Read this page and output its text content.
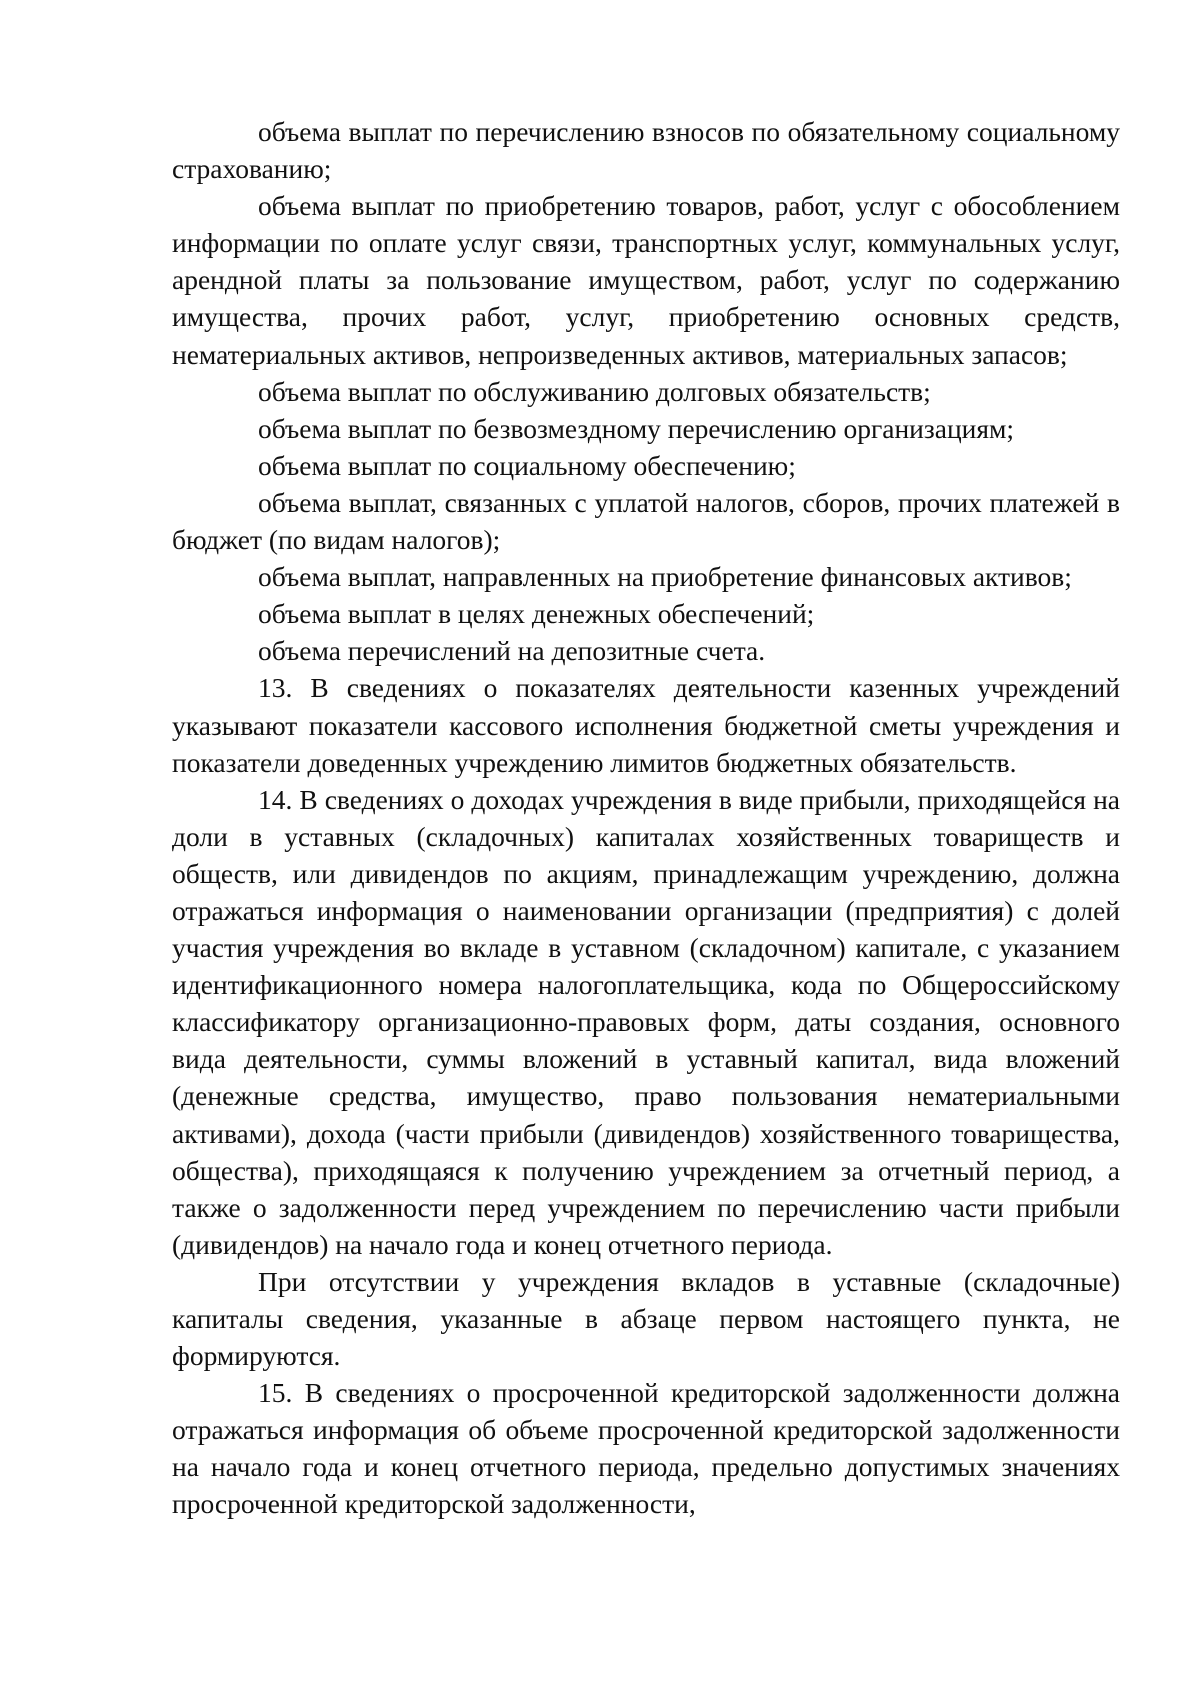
объема выплат по перечислению взносов по обязательному социальному страхованию;

объема выплат по приобретению товаров, работ, услуг с обособлением информации по оплате услуг связи, транспортных услуг, коммунальных услуг, арендной платы за пользование имуществом, работ, услуг по содержанию имущества, прочих работ, услуг, приобретению основных средств, нематериальных активов, непроизведенных активов, материальных запасов;

объема выплат по обслуживанию долговых обязательств;

объема выплат по безвозмездному перечислению организациям;

объема выплат по социальному обеспечению;

объема выплат, связанных с уплатой налогов, сборов, прочих платежей в бюджет (по видам налогов);

объема выплат, направленных на приобретение финансовых активов;

объема выплат в целях денежных обеспечений;

объема перечислений на депозитные счета.

13. В сведениях о показателях деятельности казенных учреждений указывают показатели кассового исполнения бюджетной сметы учреждения и показатели доведенных учреждению лимитов бюджетных обязательств.

14. В сведениях о доходах учреждения в виде прибыли, приходящейся на доли в уставных (складочных) капиталах хозяйственных товариществ и обществ, или дивидендов по акциям, принадлежащим учреждению, должна отражаться информация о наименовании организации (предприятия) с долей участия учреждения во вкладе в уставном (складочном) капитале, с указанием идентификационного номера налогоплательщика, кода по Общероссийскому классификатору организационно-правовых форм, даты создания, основного вида деятельности, суммы вложений в уставный капитал, вида вложений (денежные средства, имущество, право пользования нематериальными активами), дохода (части прибыли (дивидендов) хозяйственного товарищества, общества), приходящаяся к получению учреждением за отчетный период, а также о задолженности перед учреждением по перечислению части прибыли (дивидендов) на начало года и конец отчетного периода.

При отсутствии у учреждения вкладов в уставные (складочные) капиталы сведения, указанные в абзаце первом настоящего пункта, не формируются.

15. В сведениях о просроченной кредиторской задолженности должна отражаться информация об объеме просроченной кредиторской задолженности на начало года и конец отчетного периода, предельно допустимых значениях просроченной кредиторской задолженности,
